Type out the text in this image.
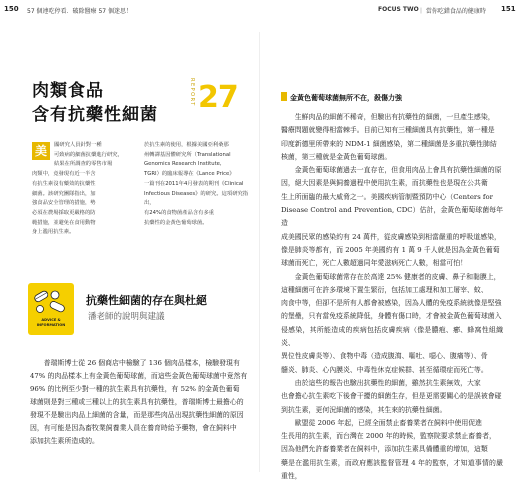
150 57 個連吃停看．破除醫療 57 個迷思！	FOCUS TWO ｜ 當你吃錯食品的健康時 151
肉類食品
含有抗藥性細菌
REPORT 27
美	國研究人員針對一種
可致病的細菌抗藥進行研究，
結果在所調查的零售市場
肉類中，竟發現有近一半含
有抗生素沒有藥效的抗藥性
細菌。該研究團隊指出，加
強食品安全管理的措施，勢
必須在農場採取更嚴格的防
範措施，並避免在食用動物
身上濫用抗生素。
於抗生素的使用，根據美國亞利桑那
州轉譯基因體研究所（Translational
Genomics Research Institute,
TGRI）的臨床報導在《Lance Price》
一篇刊在2011年4月發表的期刊《Clinical
Infectious Diseases》的研究。這項研究指出，
有24%的食物菌產品含有多重
抗藥性的金黃色葡萄球菌。
ADVICE &
INFORMATION
抗藥性細菌的存在與杜絕
潘老師的說明與建議
　　普瑞斯博士從 26 個商店中檢驗了 136 個肉品樣本，檢驗發現有
47% 的肉品樣本上有金黃色葡萄球菌，而這些金黃色葡萄球菌中竟然有
96% 的比例至少對一種的抗生素具有抗藥性，有 52% 的金黃色葡萄
球菌則是對三種或三種以上的抗生素具有抗藥性，普瑞斯博士最擔心的
發現不是驗出肉品上細菌的含量，而是那些肉品出現抗藥性細菌的原因
因，有可能是因為畜牧業飼養業人員在養育時給予藥物，會在飼料中
添加抗生素所造成的。
金黃色葡萄球菌無所不在，殺傷力強
　　生鮮肉品的細菌不稀奇，但驗出有抗藥性的細菌，一旦產生感染，
醫療問題就變得相當棘手。目前已知有三種細菌具有抗藥性，第一種是
印度新德里所帶來的 NDM-1 細菌感染，第二種細菌是多重抗藥性肺結
核菌，第三種就是金黃色葡萄球菌。
　　金黃色葡萄球菌過去一直存在，但食用肉品上會具有抗藥性細菌的原
因，絕大因素是與飼養過程中使用抗生素，而抗藥性也是現在公共衛
生上所面臨的最大威脅之一。美國疾病管制暨預防中心（Centers for
Disease Control and Prevention, CDC）估計，金黃色葡萄球菌每年造
成美國民眾的感染約有 24 萬件，從皮膚感染到相當嚴重的呼吸道感染，
像是肺炎等都有，而 2005 年美國約有 1 萬 9 千人就是因為金黃色葡萄
球菌而死亡，死亡人數超過同年愛滋病死亡人數，相當可怕！
　　金黃色葡萄球菌常存在於高達 25% 健康者的皮膚、鼻子和黏膜上，
這種細菌可在許多環境下置生繁衍，包括加工處理和加工屠宰、蚊、
肉食中等，但卻不是所有人都會被感染，因為人體的免疫系統就像是堅強
的堡壘，只有當免疫系統降低，身體有傷口時，才會被金黃色葡萄球菌入
侵感染，其所能造成的疾病包括皮膚疾病（像是膿疱、癤、蜂窩性組織炎、
異位性皮膚炎等）、食物中毒（造成腹瀉、嘔吐、噁心、腹痛等）、骨
髓炎、肺炎、心內膜炎、中毒性休克症候群、甚至循環症而死亡等。
　　由於這些的報告也驗出抗藥性的細菌，雖然抗生素無效，大家
也會擔心抗生素吃下後會干擾的細菌生存，但是更需要關心的是誤被會碰
到抗生素，更何況細菌的感染，其生來的抗藥性細菌。
　　歐盟從 2006 年起，已經全面禁止畜養業者在飼料中使用促進
生長用的抗生素，而台灣在 2000 年的時候，監察院要求禁止畜養者，
因為他們允許畜養業者在飼料中，添加抗生素具備體重的增加，這類
藥是在濫用抗生素，而政府應該監督管理 4 年的監察，才知道事情的嚴重性，
